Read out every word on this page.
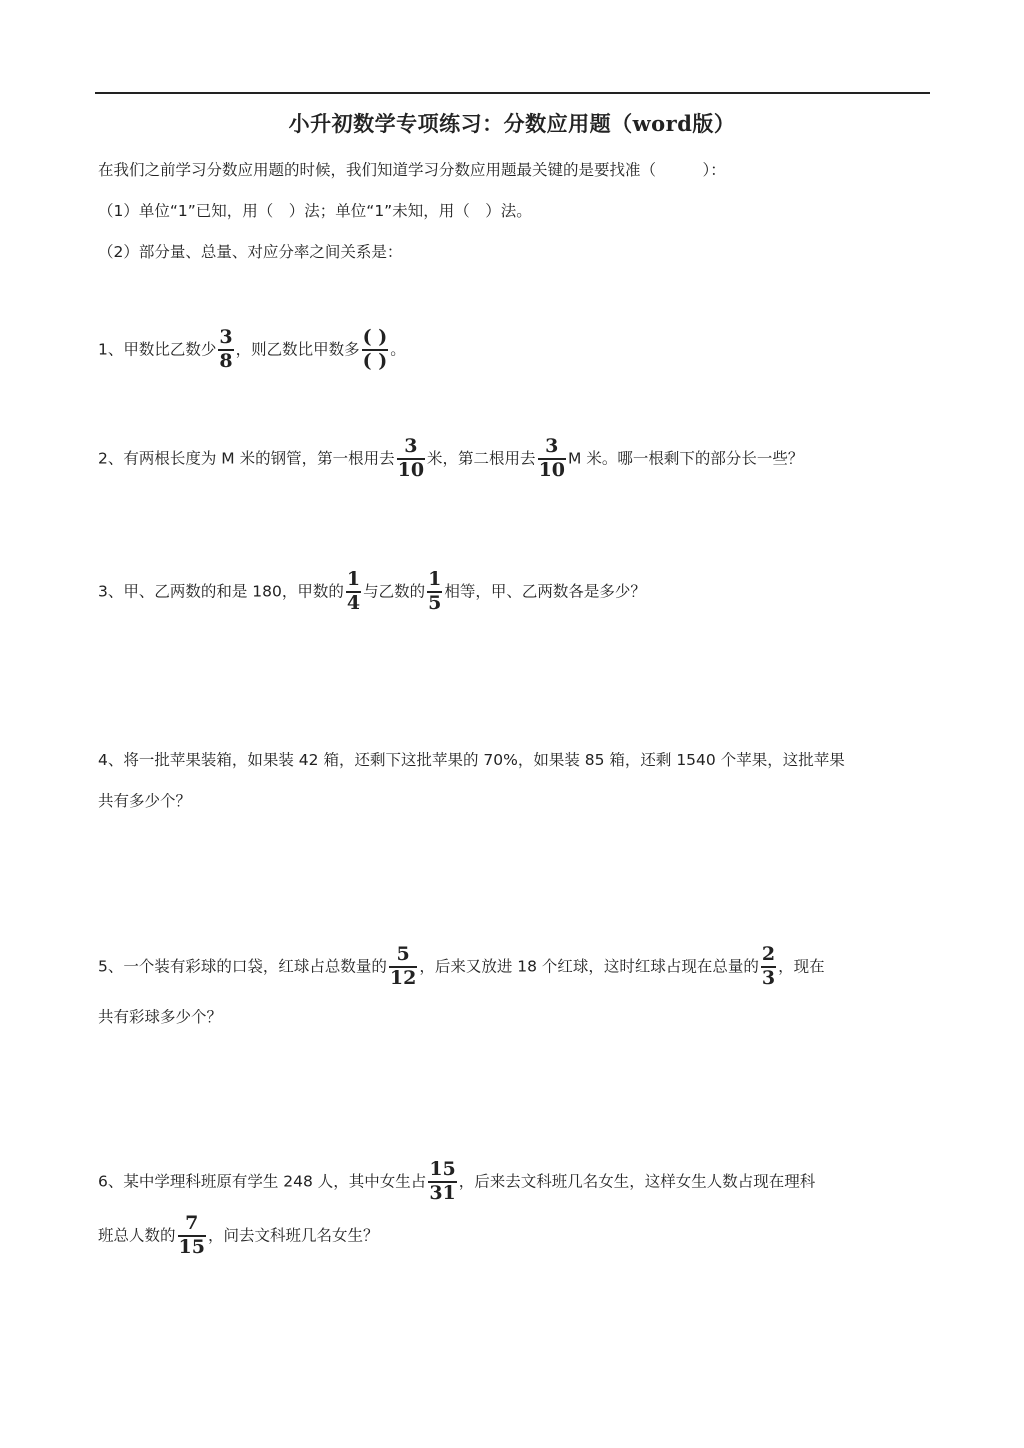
小升初数学专项练习：分数应用题（word版）
在我们之前学习分数应用题的时候，我们知道学习分数应用题最关键的是要找准（　　　）：
（1）单位“1”已知，用（　）法；单位“1”未知，用（　）法。
（2）部分量、总量、对应分率之间关系是：
1、甲数比乙数少 $\frac{3}{8}$ ，则乙数比甲数多 $\frac{( )}{( )}$ 。
2、有两根长度为 M 米的钢管，第一根用去 $\frac{3}{10}$ 米，第二根用去 $\frac{3}{10}$ M 米。哪一根剩下的部分长一些？
3、甲、乙两数的和是 180，甲数的 $\frac{1}{4}$ 与乙数的 $\frac{1}{5}$ 相等，甲、乙两数各是多少？
4、将一批苹果装箱，如果装 42 箱，还剩下这批苹果的 70%，如果装 85 箱，还剩 1540 个苹果，这批苹果
共有多少个？
5、一个装有彩球的口袋，红球占总数量的 $\frac{5}{12}$ ，后来又放进 18 个红球，这时红球占现在总量的 $\frac{2}{3}$ ，现在
共有彩球多少个？
6、某中学理科班原有学生 248 人，其中女生占 $\frac{15}{31}$ ，后来去文科班几名女生，这样女生人数占现在理科
班总人数的 $\frac{7}{15}$ ，问去文科班几名女生？
